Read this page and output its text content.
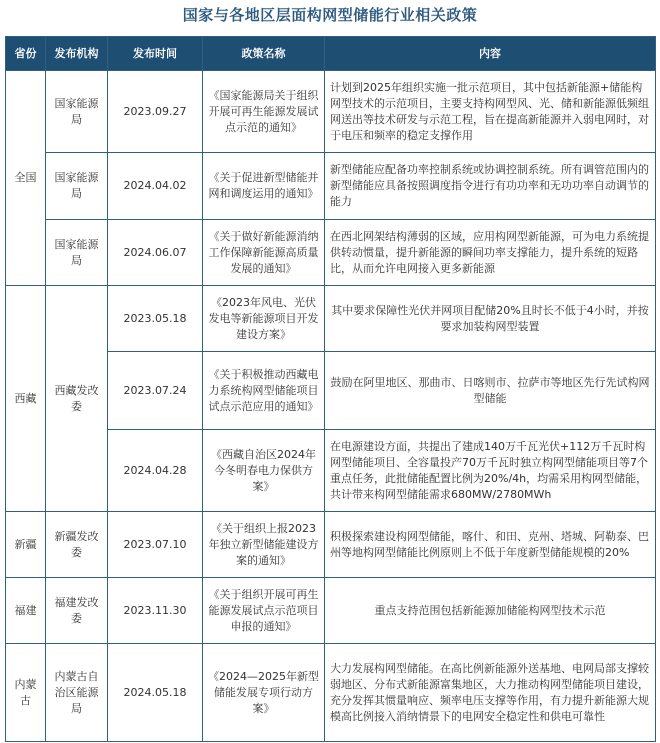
国家与各地区层面构网型储能行业相关政策
省份	发布机构	发布时间	政策名称	内容
全国	国家能源局	2023.09.27	《国家能源局关于组织开展可再生能源发展试点示范的通知》	计划到2025年组织实施一批示范项目，其中包括新能源+储能构网型技术的示范项目，主要支持构网型风、光、储和新能源低频组网送出等技术研发与示范工程，旨在提高新能源并入弱电网时，对于电压和频率的稳定支撑作用
	国家能源局	2024.04.02	《关于促进新型储能并网和调度运用的通知》	新型储能应配备功率控制系统或协调控制系统。所有调管范围内的新型储能应具备按照调度指令进行有功功率和无功功率自动调节的能力
	国家能源局	2024.06.07	《关于做好新能源消纳工作保障新能源高质量发展的通知》	在西北网架结构薄弱的区域，应用构网型新能源，可为电力系统提供转动惯量，提升新能源的瞬间功率支撑能力，提升系统的短路比，从而允许电网接入更多新能源
西藏	西藏发改委	2023.05.18	《2023年风电、光伏发电等新能源项目开发建设方案》	其中要求保障性光伏并网项目配储20%且时长不低于4小时，并按要求加装构网型装置
		2023.07.24	《关于积极推动西藏电力系统构网型储能项目试点示范应用的通知》	鼓励在阿里地区、那曲市、日喀则市、拉萨市等地区先行先试构网型储能
		2024.04.28	《西藏自治区2024年今冬明春电力保供方案》	在电源建设方面，共提出了建成140万千瓦光伏+112万千瓦时构网型储能项目、全容量投产70万千瓦时独立构网型储能项目等7个重点任务，此批储能配置比例为20%/4h，均需采用构网型储能，共计带来构网型储能需求680MW/2780MWh
新疆	新疆发改委	2023.07.10	《关于组织上报2023年独立新型储能建设方案的通知》	积极探索建设构网型储能，喀什、和田、克州、塔城、阿勒泰、巴州等地构网型储能比例原则上不低于年度新型储能规模的20%
福建	福建发改委	2023.11.30	《关于组织开展可再生能源发展试点示范项目申报的通知》	重点支持范围包括新能源加储能构网型技术示范
内蒙古	内蒙古自治区能源局	2024.05.18	《2024—2025年新型储能发展专项行动方案》	大力发展构网型储能。在高比例新能源外送基地、电网局部支撑较弱地区、分布式新能源富集地区，大力推动构网型储能项目建设，充分发挥其惯量响应、频率电压支撑等作用，有力提升新能源大规模高比例接入消纳情景下的电网安全稳定性和供电可靠性
